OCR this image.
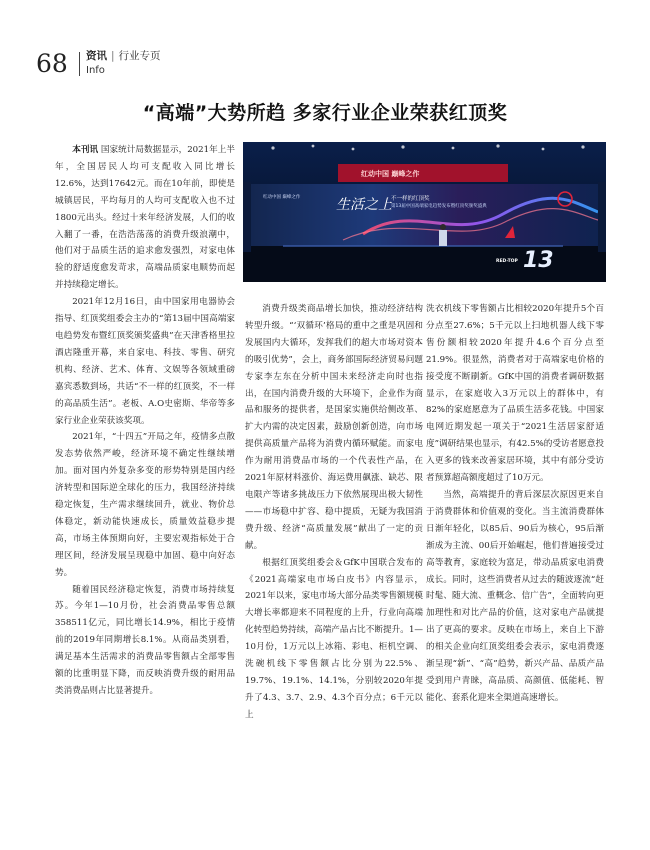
68 资讯 | 行业专页
Info
“高端”大势所趋 多家行业企业荣获红顶奖

本刊讯 国家统计局数据显示，2021年上半年，全国居民人均可支配收入同比增长12.6%，达到17642元。而在10年前，即使是城镇居民，平均每月的人均可支配收入也不过1800元出头。经过十来年经济发展，人们的收入翻了一番，在浩浩荡荡的消费升级浪潮中，他们对于品质生活的追求愈发强烈，对家电体验的舒适度愈发苛求，高端品质家电顺势而起并持续稳定增长。

2021年12月16日，由中国家用电器协会指导、红顶奖组委会主办的“第13届中国高端家电趋势发布暨红顶奖颁奖盛典”在天津香格里拉酒店隆重开幕，来自家电、科技、零售、研究机构、经济、艺术、体育、文娱等各领域重磅嘉宾悉数到场，共话“不一样的红顶奖，不一样的高品质生活”。老板、A.O史密斯、华帝等多家行业企业荣获该奖项。

2021年，“十四五”开局之年，疫情多点散发态势依然严峻，经济环境不确定性继续增加。面对国内外复杂多变的形势特别是国内经济转型和国际逆全球化的压力，我国经济持续稳定恢复，生产需求继续回升，就业、物价总体稳定，新动能快速成长，质量效益稳步提高，市场主体预期向好，主要宏观指标处于合理区间，经济发展呈现稳中加固、稳中向好态势。

随着国民经济稳定恢复，消费市场持续复苏。今年1—10月份，社会消费品零售总额358511亿元，同比增长14.9%，相比于疫情前的2019年同期增长8.1%。从商品类别看，满足基本生活需求的消费品零售额占全部零售额的比重明显下降，而反映消费升级的耐用品类消费品则占比显著提升。

红动中国 巅峰之作
红动中国 巅峰之作	生活之上 不一样的红顶奖
第13届中国高端家电趋势发布暨红顶奖颁奖盛典
RED-TOP 13

消费升级类商品增长加快，推动经济结构转型升级。“‘双循环’格局的重中之重是巩固和发展国内大循环，发挥我们的超大市场对资本的吸引优势”，会上，商务部国际经济贸易问题专家李左东在分析中国未来经济走向时也指出，在国内消费升级的大环境下，企业作为商品和服务的提供者，是国家实施供给侧改革、扩大内需的决定因素，鼓励创新创造，向市场提供高质量产品将为消费内循环赋能。而家电作为耐用消费品市场的一个代表性产品，在2021年原材料涨价、海运费用飙涨、缺芯、限电限产等诸多挑战压力下依然展现出极大韧性——市场稳中扩容、稳中提质，无疑为我国消费升级、经济“高质量发展”献出了一定的贡献。

根据红顶奖组委会＆GfK中国联合发布的《2021高端家电市场白皮书》内容显示，2021年以来，家电市场大部分品类零售额规模大增长率都迎来不同程度的上升，行业向高端化转型趋势持续，高端产品占比不断提升。1—10月份，1万元以上冰箱、彩电、柜机空调、洗碗机线下零售额占比分别为22.5%、19.7%、19.1%、14.1%，分别较2020年提升了4.3、3.7、2.9、4.3个百分点；6千元以上

洗衣机线下零售额占比相较2020年提升5个百分点至27.6%；5千元以上扫地机器人线下零售份额相较2020年提升4.6个百分点至21.9%。很显然，消费者对于高端家电价格的接受度不断刷新。GfK中国的消费者调研数据显示，在家庭收入3万元以上的群体中，有82%的家庭愿意为了品质生活多花钱。中国家电网近期发起一项关于“2021生活居家舒适度”调研结果也显示，有42.5%的受访者愿意投入更多的钱来改善家居环境，其中有部分受访者预算超高额度超过了10万元。

当然，高端提升的背后深层次原因更来自于消费群体和价值观的变化。当主流消费群体日渐年轻化，以85后、90后为核心，95后渐渐成为主流、00后开始崛起，他们普遍接受过高等教育，家庭较为富足，带动品质家电消费成长。同时，这些消费者从过去的随波逐流“赶时髦、随大流、重概念、信广告”，全面转向更加理性和对比产品的价值，这对家电产品就提出了更高的要求。反映在市场上，来自上下游的相关企业向红顶奖组委会表示，家电消费逐渐呈现“新”、“高”趋势，新兴产品、品质产品受到用户青睐，高品质、高颜值、低能耗、智能化、套系化迎来全渠道高速增长。
